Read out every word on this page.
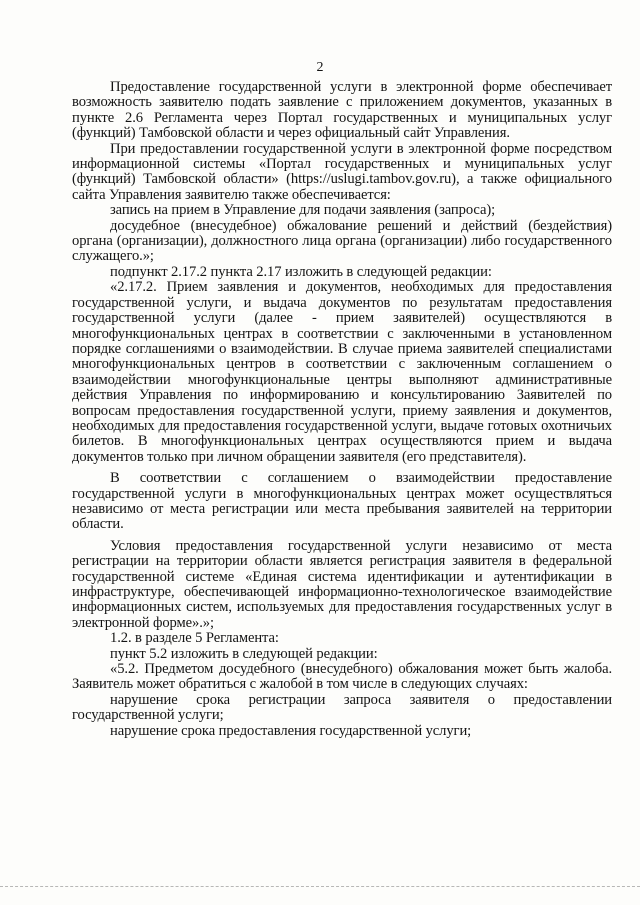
2

Предоставление государственной услуги в электронной форме обеспечивает возможность заявителю подать заявление с приложением документов, указанных в пункте 2.6 Регламента через Портал государственных и муниципальных услуг (функций) Тамбовской области и через официальный сайт Управления.

При предоставлении государственной услуги в электронной форме посредством информационной системы «Портал государственных и муниципальных услуг (функций) Тамбовской области» (https://uslugi.tambov.gov.ru), а также официального сайта Управления заявителю также обеспечивается:

запись на прием в Управление для подачи заявления (запроса);

досудебное (внесудебное) обжалование решений и действий (бездействия) органа (организации), должностного лица органа (организации) либо государственного служащего.»;

подпункт 2.17.2 пункта 2.17 изложить в следующей редакции:

«2.17.2. Прием заявления и документов, необходимых для предоставления государственной услуги, и выдача документов по результатам предоставления государственной услуги (далее - прием заявителей) осуществляются в многофункциональных центрах в соответствии с заключенными в установленном порядке соглашениями о взаимодействии. В случае приема заявителей специалистами многофункциональных центров в соответствии с заключенным соглашением о взаимодействии многофункциональные центры выполняют административные действия Управления по информированию и консультированию Заявителей по вопросам предоставления государственной услуги, приему заявления и документов, необходимых для предоставления государственной услуги, выдаче готовых охотничьих билетов. В многофункциональных центрах осуществляются прием и выдача документов только при личном обращении заявителя (его представителя).

В соответствии с соглашением о взаимодействии предоставление государственной услуги в многофункциональных центрах может осуществляться независимо от места регистрации или места пребывания заявителей на территории области.

Условия предоставления государственной услуги независимо от места регистрации на территории области является регистрация заявителя в федеральной государственной системе «Единая система идентификации и аутентификации в инфраструктуре, обеспечивающей информационно-технологическое взаимодействие информационных систем, используемых для предоставления государственных услуг в электронной форме».»;

1.2. в разделе 5 Регламента:

пункт 5.2 изложить в следующей редакции:

«5.2. Предметом досудебного (внесудебного) обжалования может быть жалоба. Заявитель может обратиться с жалобой в том числе в следующих случаях:

нарушение срока регистрации запроса заявителя о предоставлении государственной услуги;

нарушение срока предоставления государственной услуги;
